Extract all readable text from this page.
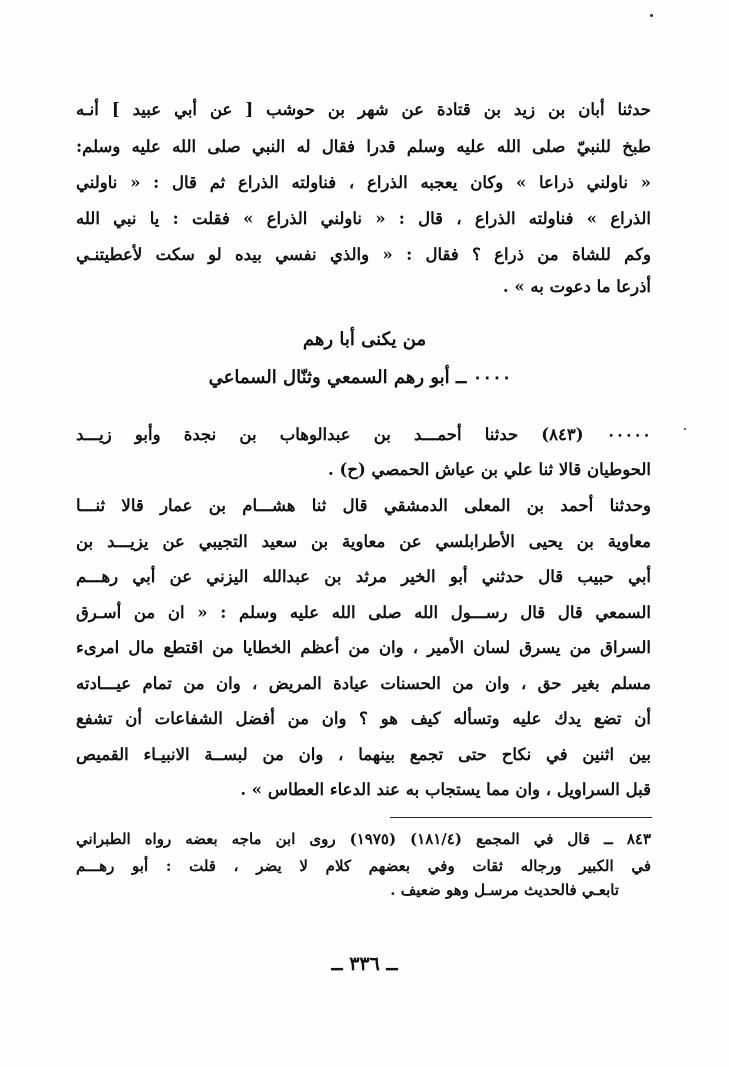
حدثنا أبان بن زيد بن قتادة عن شهر بن حوشب [ عن أبي عبيد ] أنـه
طبخ للنبيّ صلى الله عليه وسلم قدرا فقال له النبي صلى الله عليه وسلم:
« ناولني ذراعا » وكان يعجبه الذراع ، فناولته الذراع ثم قال : « ناولني
الذراع » فناولته الذراع ، قال : « ناولني الذراع » فقلت : يا نبي الله
وكم للشاة من ذراع ؟ فقال : « والذي نفسي بيده لو سكت لأعطيتنـي
أذرعا ما دعوت به » .
من يكنى أبا رهم
٠٠٠٠ ــ أبو رهم السمعي وثنّال السماعي
٠٠٠٠٠ (٨٤٣) حدثنا أحمـــد بن عبدالوهاب بن نجدة وأبو زيـــد
الحوطيان قالا ثنا علي بن عياش الحمصي (ح) .
وحدثنا أحمد بن المعلى الدمشقي قال ثنا هشـــام بن عمار قالا ثنـــا
معاوية بن يحيى الأطرابلسي عن معاوية بن سعيد التجيبي عن يزيـــد بن
أبي حبيب قال حدثني أبو الخير مرثد بن عبدالله اليزني عن أبي رهـــم
السمعي قال قال رســـول الله صلى الله عليه وسلم : « ان من أسـرق
السراق من يسرق لسان الأمير ، وان من أعظم الخطايا من اقتطع مال امرىء
مسلم بغير حق ، وان من الحسنات عيادة المريض ، وان من تمام عيـــادته
أن تضع يدك عليه وتسأله كيف هو ؟ وان من أفضل الشفاعات أن تشفع
بين اثنين في نكاح حتى تجمع بينهما ، وان من لبســة الانبيـاء القميص
قبل السراويل ، وان مما يستجاب به عند الدعاء العطاس » .
٨٤٣ ــ قال في المجمع (١٨١/٤) (١٩٧٥) روى ابن ماجه بعضه رواه الطبراني
في الكبير ورجاله ثقات وفي بعضهم كلام لا يضر ، قلت : أبو رهـــم
تابعـي فالحديث مرسـل وهو ضعيف .
ــ ٣٣٦ ــ
